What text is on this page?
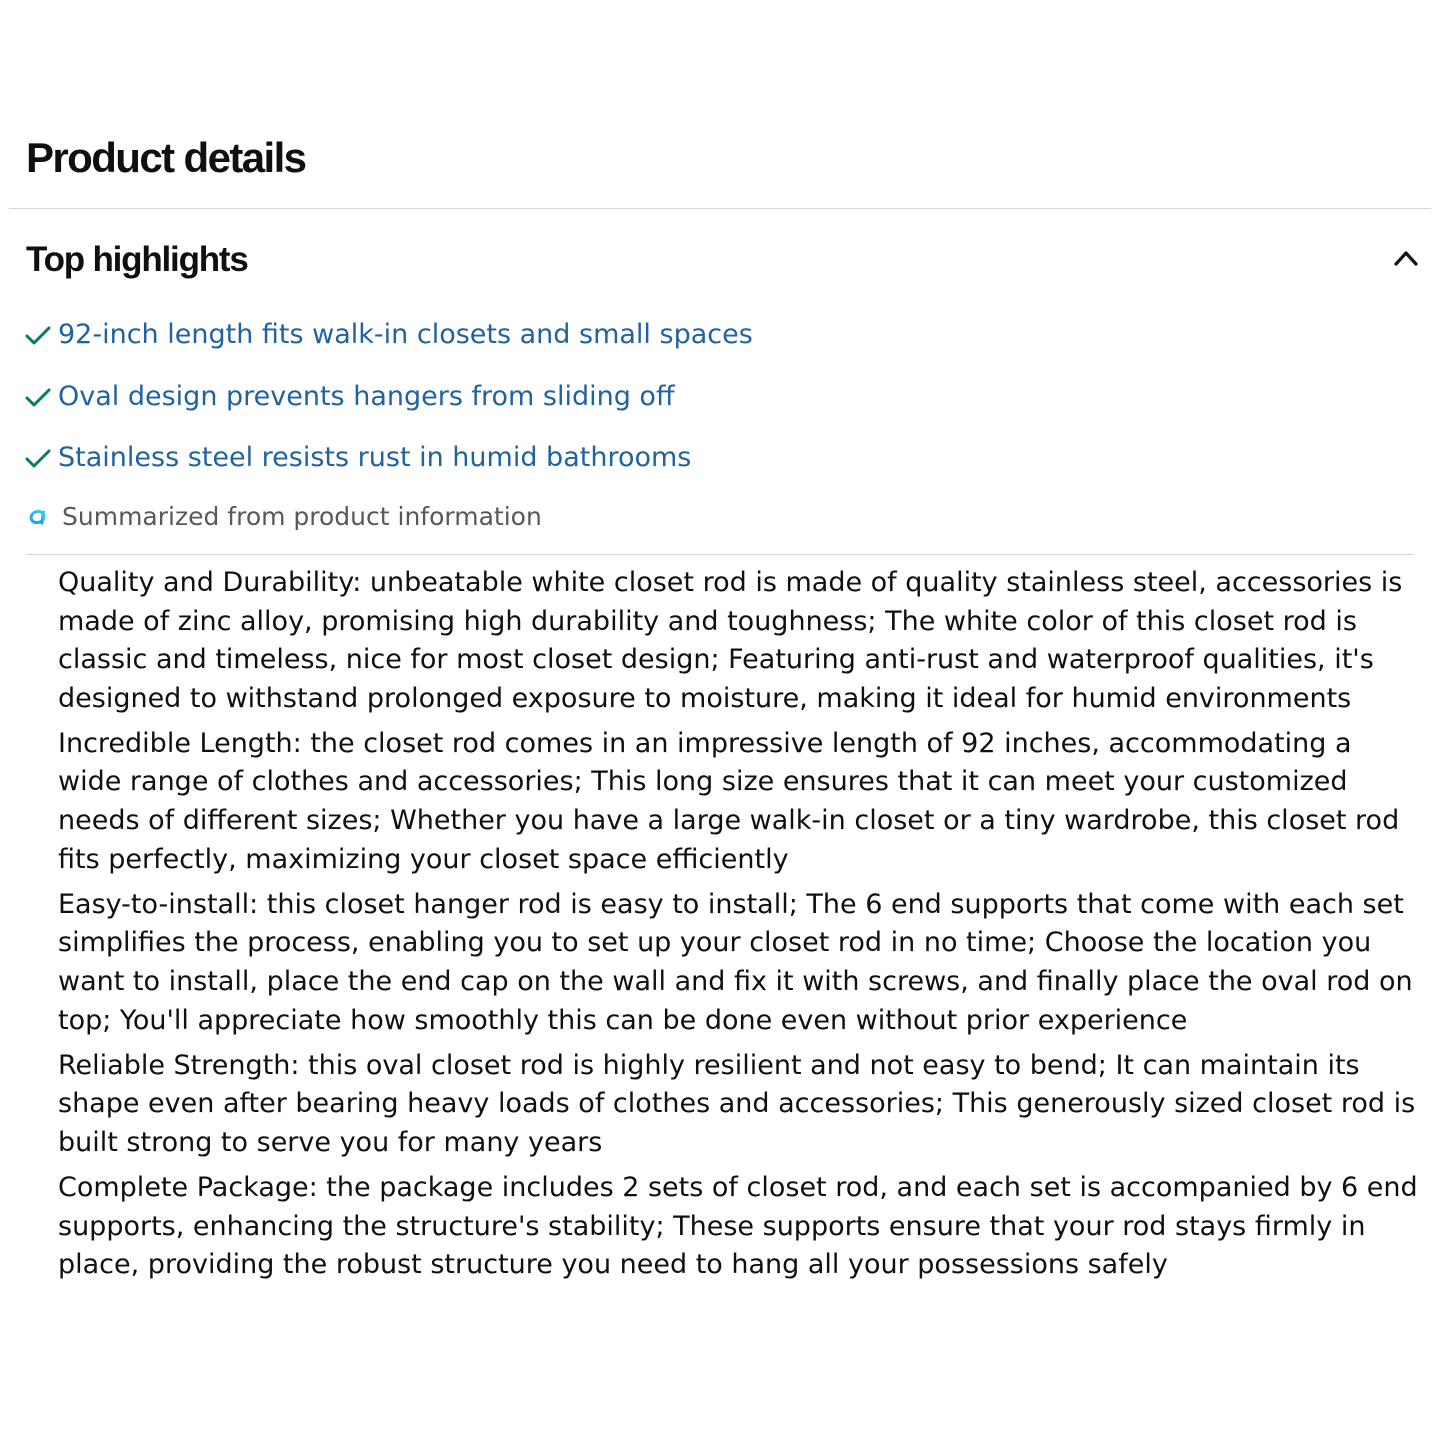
Product details
Top highlights
92-inch length fits walk-in closets and small spaces
Oval design prevents hangers from sliding off
Stainless steel resists rust in humid bathrooms
Summarized from product information
Quality and Durability: unbeatable white closet rod is made of quality stainless steel, accessories is made of zinc alloy, promising high durability and toughness; The white color of this closet rod is classic and timeless, nice for most closet design; Featuring anti-rust and waterproof qualities, it's designed to withstand prolonged exposure to moisture, making it ideal for humid environments
Incredible Length: the closet rod comes in an impressive length of 92 inches, accommodating a wide range of clothes and accessories; This long size ensures that it can meet your customized needs of different sizes; Whether you have a large walk-in closet or a tiny wardrobe, this closet rod fits perfectly, maximizing your closet space efficiently
Easy-to-install: this closet hanger rod is easy to install; The 6 end supports that come with each set simplifies the process, enabling you to set up your closet rod in no time; Choose the location you want to install, place the end cap on the wall and fix it with screws, and finally place the oval rod on top; You'll appreciate how smoothly this can be done even without prior experience
Reliable Strength: this oval closet rod is highly resilient and not easy to bend; It can maintain its shape even after bearing heavy loads of clothes and accessories; This generously sized closet rod is built strong to serve you for many years
Complete Package: the package includes 2 sets of closet rod, and each set is accompanied by 6 end supports, enhancing the structure's stability; These supports ensure that your rod stays firmly in place, providing the robust structure you need to hang all your possessions safely
